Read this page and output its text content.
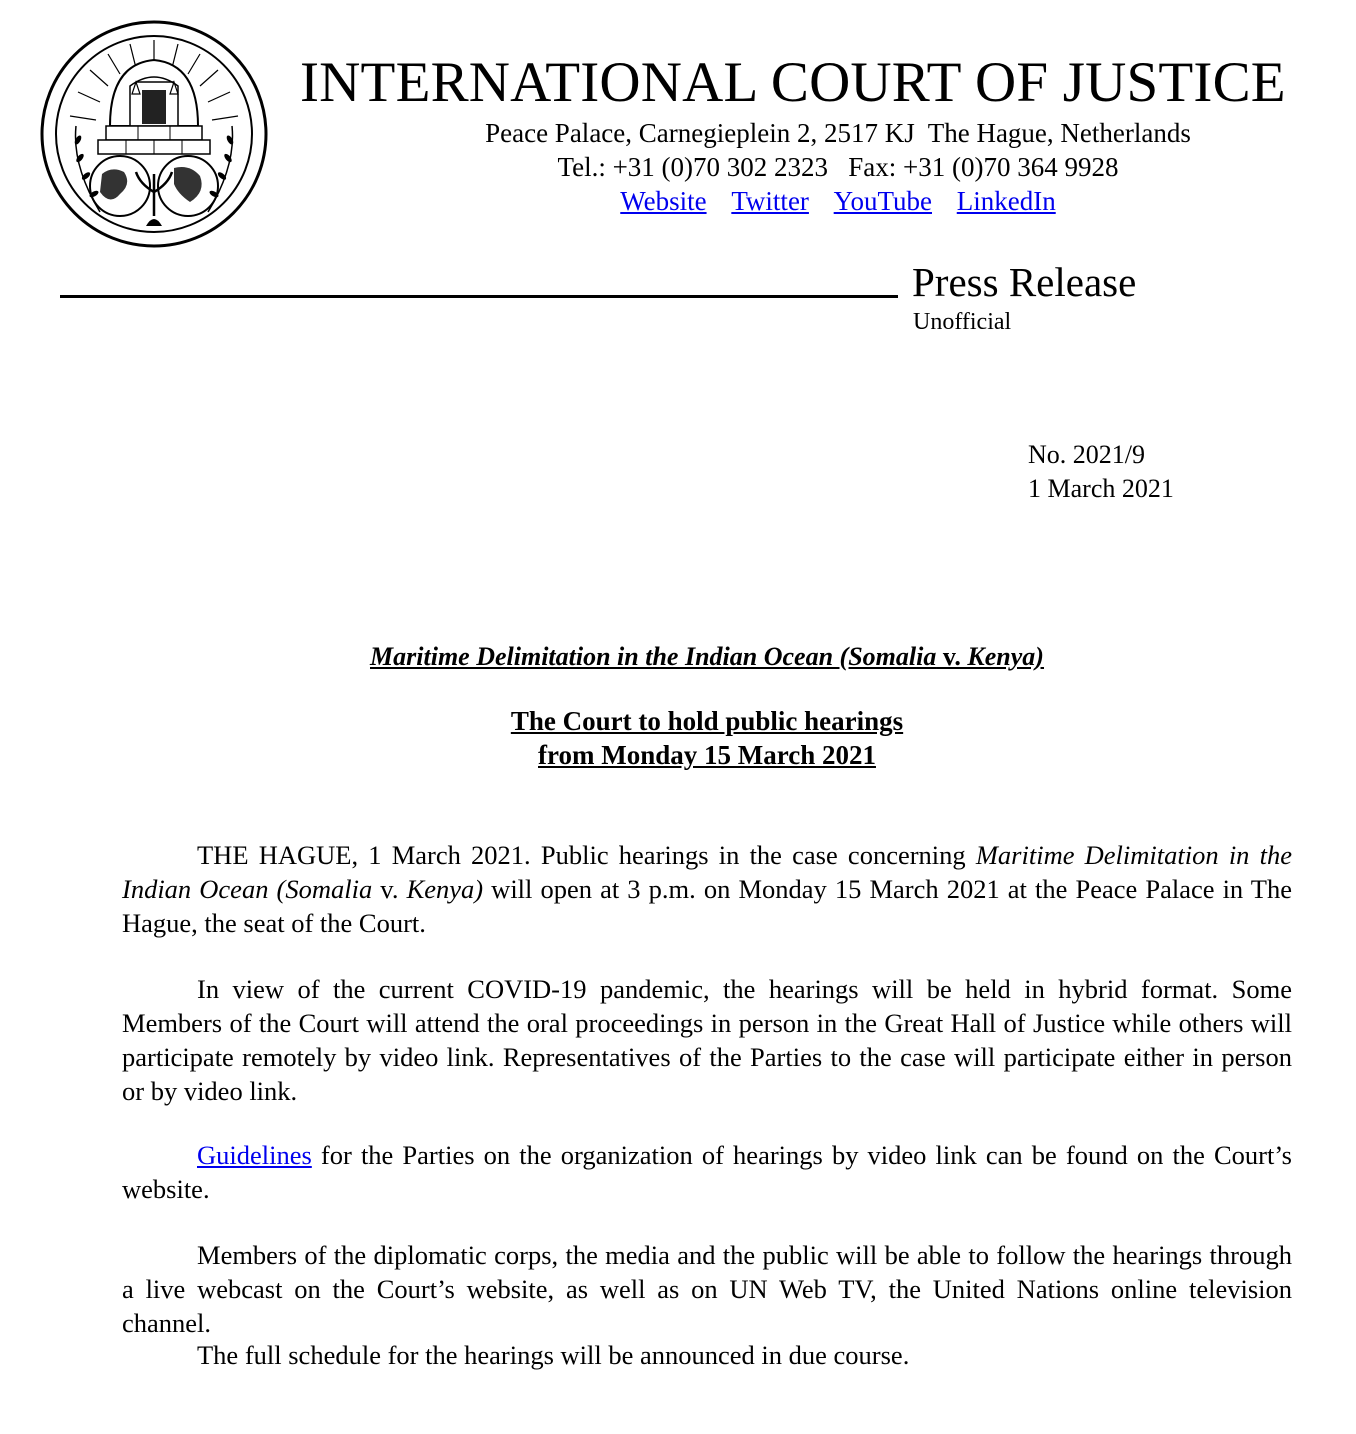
INTERNATIONAL COURT OF JUSTICE
Peace Palace, Carnegieplein 2, 2517 KJ  The Hague, Netherlands
Tel.: +31 (0)70 302 2323   Fax: +31 (0)70 364 9928
Website Twitter YouTube LinkedIn
Press Release
Unofficial
No. 2021/9
1 March 2021
Maritime Delimitation in the Indian Ocean (Somalia v. Kenya)
The Court to hold public hearings
from Monday 15 March 2021

THE HAGUE, 1 March 2021. Public hearings in the case concerning Maritime Delimitation in the Indian Ocean (Somalia v. Kenya) will open at 3 p.m. on Monday 15 March 2021 at the Peace Palace in The Hague, the seat of the Court.

In view of the current COVID-19 pandemic, the hearings will be held in hybrid format. Some Members of the Court will attend the oral proceedings in person in the Great Hall of Justice while others will participate remotely by video link. Representatives of the Parties to the case will participate either in person or by video link.

Guidelines for the Parties on the organization of hearings by video link can be found on the Court’s website.

Members of the diplomatic corps, the media and the public will be able to follow the hearings through a live webcast on the Court’s website, as well as on UN Web TV, the United Nations online television channel.

The full schedule for the hearings will be announced in due course.
